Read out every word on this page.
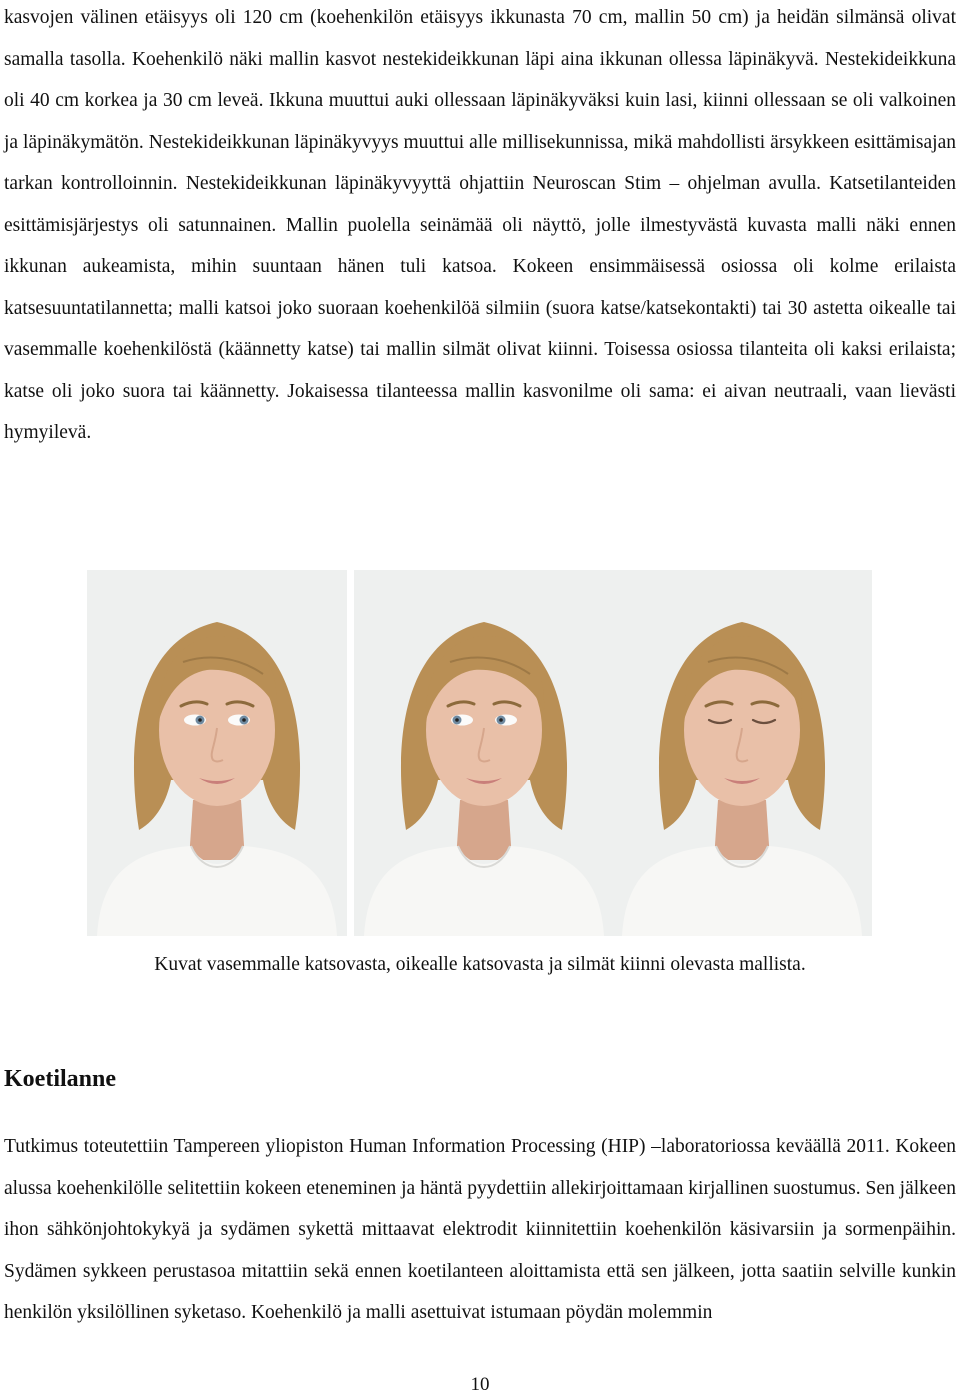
kasvojen välinen etäisyys oli 120 cm (koehenkilön etäisyys ikkunasta 70 cm, mallin 50 cm) ja heidän silmänsä olivat samalla tasolla. Koehenkilö näki mallin kasvot nestekideikkunan läpi aina ikkunan ollessa läpinäkyvä. Nestekideikkuna oli 40 cm korkea ja 30 cm leveä. Ikkuna muuttui auki ollessaan läpinäkyväksi kuin lasi, kiinni ollessaan se oli valkoinen ja läpinäkymätön. Nestekideikkunan läpinäkyvyys muuttui alle millisekunnissa, mikä mahdollisti ärsykkeen esittämisajan tarkan kontrolloinnin. Nestekideikkunan läpinäkyvyyttä ohjattiin Neuroscan Stim – ohjelman avulla. Katsetilanteiden esittämisjärjestys oli satunnainen. Mallin puolella seinämää oli näyttö, jolle ilmestyvästä kuvasta malli näki ennen ikkunan aukeamista, mihin suuntaan hänen tuli katsoa. Kokeen ensimmäisessä osiossa oli kolme erilaista katsesuuntatilannetta; malli katsoi joko suoraan koehenkilöä silmiin (suora katse/katsekontakti) tai 30 astetta oikealle tai vasemmalle koehenkilöstä (käännetty katse) tai mallin silmät olivat kiinni. Toisessa osiossa tilanteita oli kaksi erilaista; katse oli joko suora tai käännetty. Jokaisessa tilanteessa mallin kasvonilme oli sama: ei aivan neutraali, vaan lievästi hymyilevä.

Kuvat vasemmalle katsovasta, oikealle katsovasta ja silmät kiinni olevasta mallista.

Koetilanne

Tutkimus toteutettiin Tampereen yliopiston Human Information Processing (HIP) –laboratoriossa keväällä 2011. Kokeen alussa koehenkilölle selitettiin kokeen eteneminen ja häntä pyydettiin allekirjoittamaan kirjallinen suostumus. Sen jälkeen ihon sähkönjohtokykyä ja sydämen sykettä mittaavat elektrodit kiinnitettiin koehenkilön käsivarsiin ja sormenpäihin. Sydämen sykkeen perustasoa mitattiin sekä ennen koetilanteen aloittamista että sen jälkeen, jotta saatiin selville kunkin henkilön yksilöllinen syketaso. Koehenkilö ja malli asettuivat istumaan pöydän molemmin

10
